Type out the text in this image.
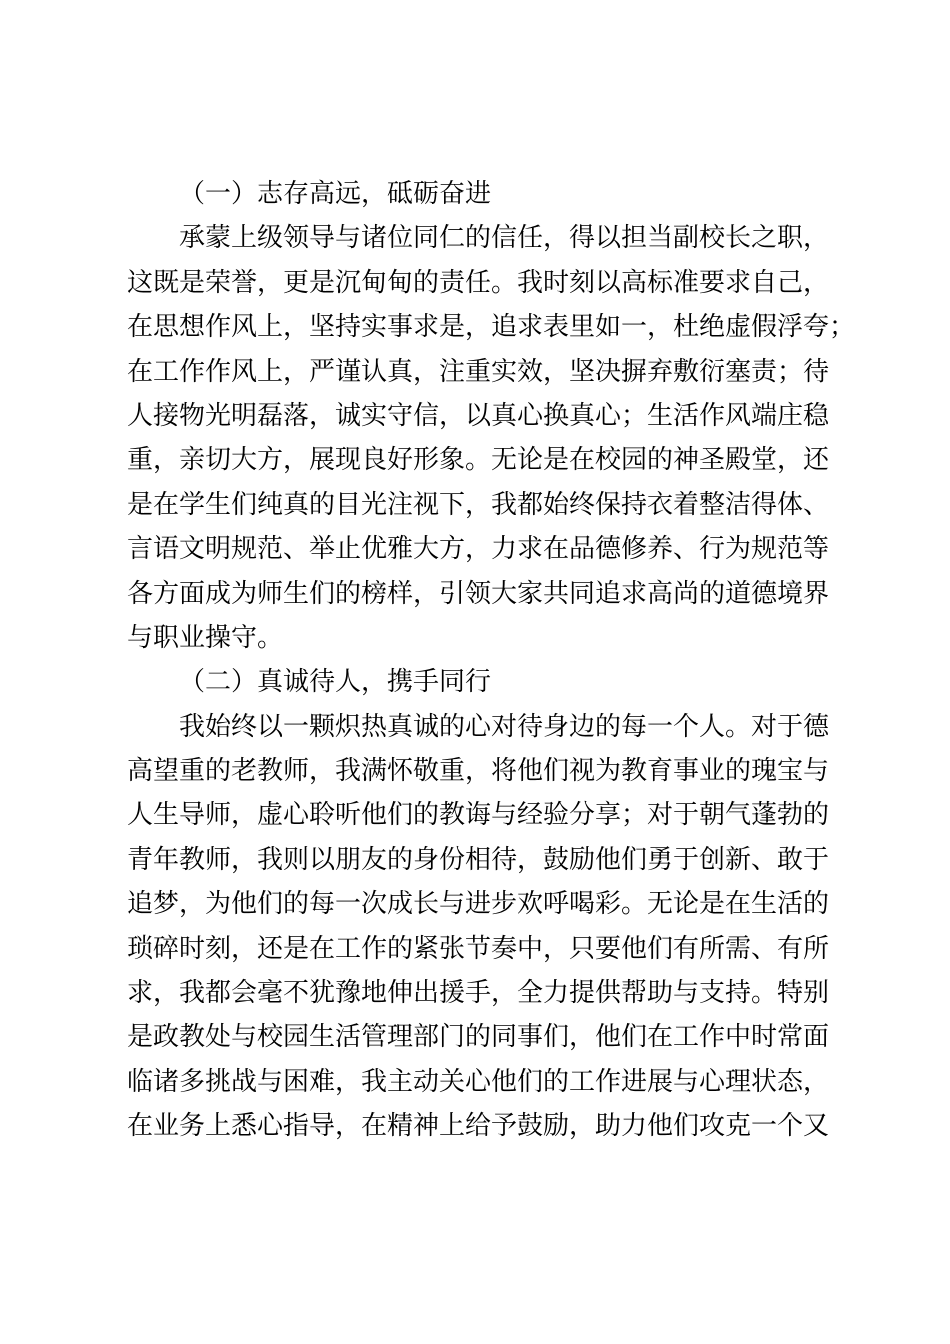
（一）志存高远，砥砺奋进
承蒙上级领导与诸位同仁的信任，得以担当副校长之职，
这既是荣誉，更是沉甸甸的责任。我时刻以高标准要求自己，
在思想作风上，坚持实事求是，追求表里如一，杜绝虚假浮夸；
在工作作风上，严谨认真，注重实效，坚决摒弃敷衍塞责；待
人接物光明磊落，诚实守信，以真心换真心；生活作风端庄稳
重，亲切大方，展现良好形象。无论是在校园的神圣殿堂，还
是在学生们纯真的目光注视下，我都始终保持衣着整洁得体、
言语文明规范、举止优雅大方，力求在品德修养、行为规范等
各方面成为师生们的榜样，引领大家共同追求高尚的道德境界
与职业操守。
（二）真诚待人，携手同行
我始终以一颗炽热真诚的心对待身边的每一个人。对于德
高望重的老教师，我满怀敬重，将他们视为教育事业的瑰宝与
人生导师，虚心聆听他们的教诲与经验分享；对于朝气蓬勃的
青年教师，我则以朋友的身份相待，鼓励他们勇于创新、敢于
追梦，为他们的每一次成长与进步欢呼喝彩。无论是在生活的
琐碎时刻，还是在工作的紧张节奏中，只要他们有所需、有所
求，我都会毫不犹豫地伸出援手，全力提供帮助与支持。特别
是政教处与校园生活管理部门的同事们，他们在工作中时常面
临诸多挑战与困难，我主动关心他们的工作进展与心理状态，
在业务上悉心指导，在精神上给予鼓励，助力他们攻克一个又
